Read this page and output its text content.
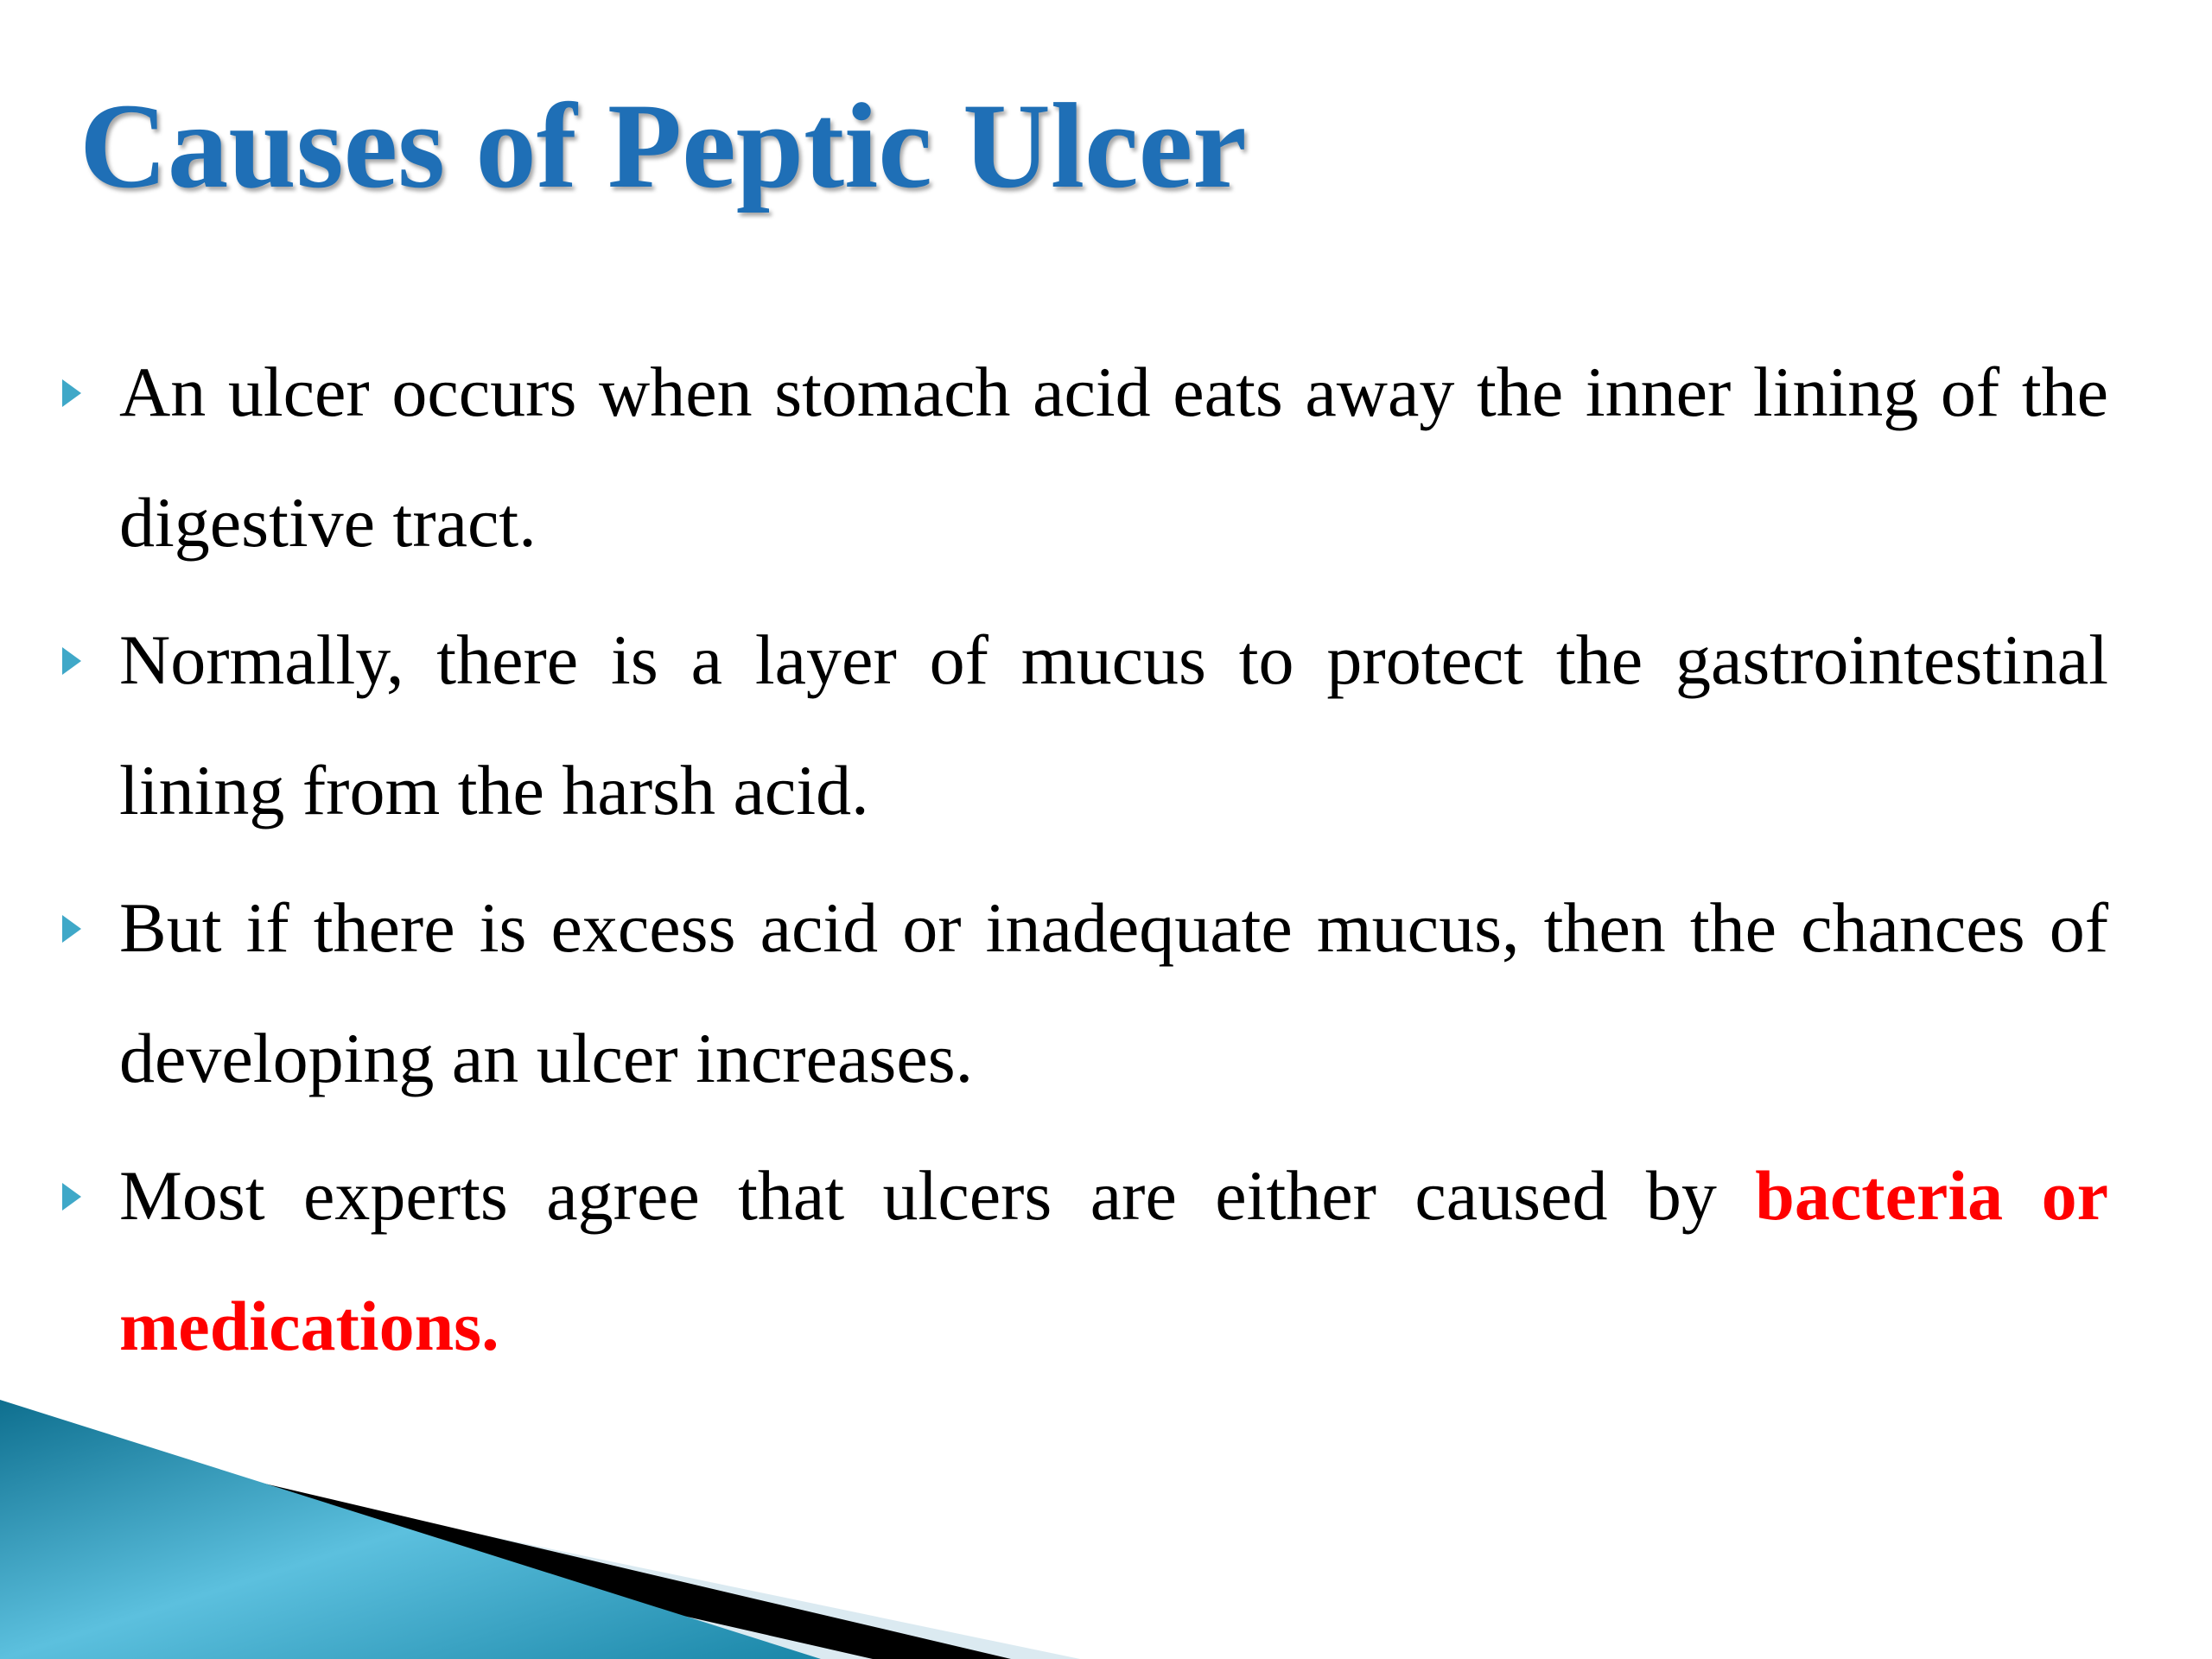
Causes of Peptic Ulcer
An ulcer occurs when stomach acid eats away the inner lining of the digestive tract.
Normally, there is a layer of mucus to protect the gastrointestinal lining from the harsh acid.
But if there is excess acid or inadequate mucus, then the chances of developing an ulcer increases.
Most experts agree that ulcers are either caused by bacteria or medications.
